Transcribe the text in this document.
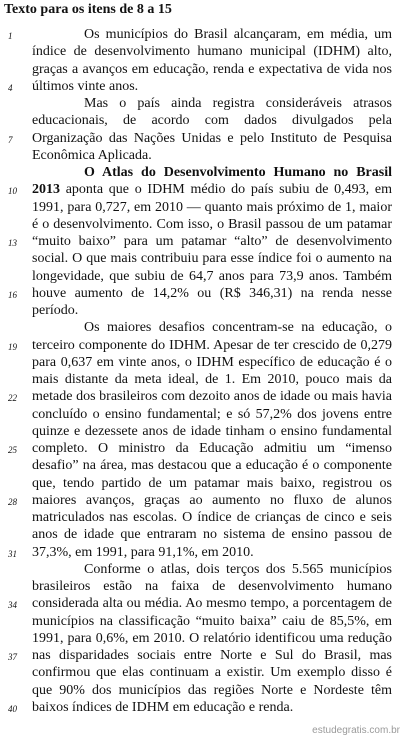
Texto para os itens de 8 a 15
1
4
7
10
13
16
19
22
25
28
31
34
37
40

Os municípios do Brasil alcançaram, em média, um índice de desenvolvimento humano municipal (IDHM) alto, graças a avanços em educação, renda e expectativa de vida nos últimos vinte anos.

Mas o país ainda registra consideráveis atrasos educacionais, de acordo com dados divulgados pela Organização das Nações Unidas e pelo Instituto de Pesquisa Econômica Aplicada.

O Atlas do Desenvolvimento Humano no Brasil 2013 aponta que o IDHM médio do país subiu de 0,493, em 1991, para 0,727, em 2010 — quanto mais próximo de 1, maior é o desenvolvimento. Com isso, o Brasil passou de um patamar “muito baixo” para um patamar “alto” de desenvolvimento social. O que mais contribuiu para esse índice foi o aumento na longevidade, que subiu de 64,7 anos para 73,9 anos. Também houve aumento de 14,2% ou (R$ 346,31) na renda nesse período.

Os maiores desafios concentram-se na educação, o terceiro componente do IDHM. Apesar de ter crescido de 0,279 para 0,637 em vinte anos, o IDHM específico de educação é o mais distante da meta ideal, de 1. Em 2010, pouco mais da metade dos brasileiros com dezoito anos de idade ou mais havia concluído o ensino fundamental; e só 57,2% dos jovens entre quinze e dezessete anos de idade tinham o ensino fundamental completo. O ministro da Educação admitiu um “imenso desafio” na área, mas destacou que a educação é o componente que, tendo partido de um patamar mais baixo, registrou os maiores avanços, graças ao aumento no fluxo de alunos matriculados nas escolas. O índice de crianças de cinco e seis anos de idade que entraram no sistema de ensino passou de 37,3%, em 1991, para 91,1%, em 2010.

Conforme o atlas, dois terços dos 5.565 municípios brasileiros estão na faixa de desenvolvimento humano considerada alta ou média. Ao mesmo tempo, a porcentagem de municípios na classificação “muito baixa” caiu de 85,5%, em 1991, para 0,6%, em 2010. O relatório identificou uma redução nas disparidades sociais entre Norte e Sul do Brasil, mas confirmou que elas continuam a existir. Um exemplo disso é que 90% dos municípios das regiões Norte e Nordeste têm baixos índices de IDHM em educação e renda.

estudegratis.com.br
